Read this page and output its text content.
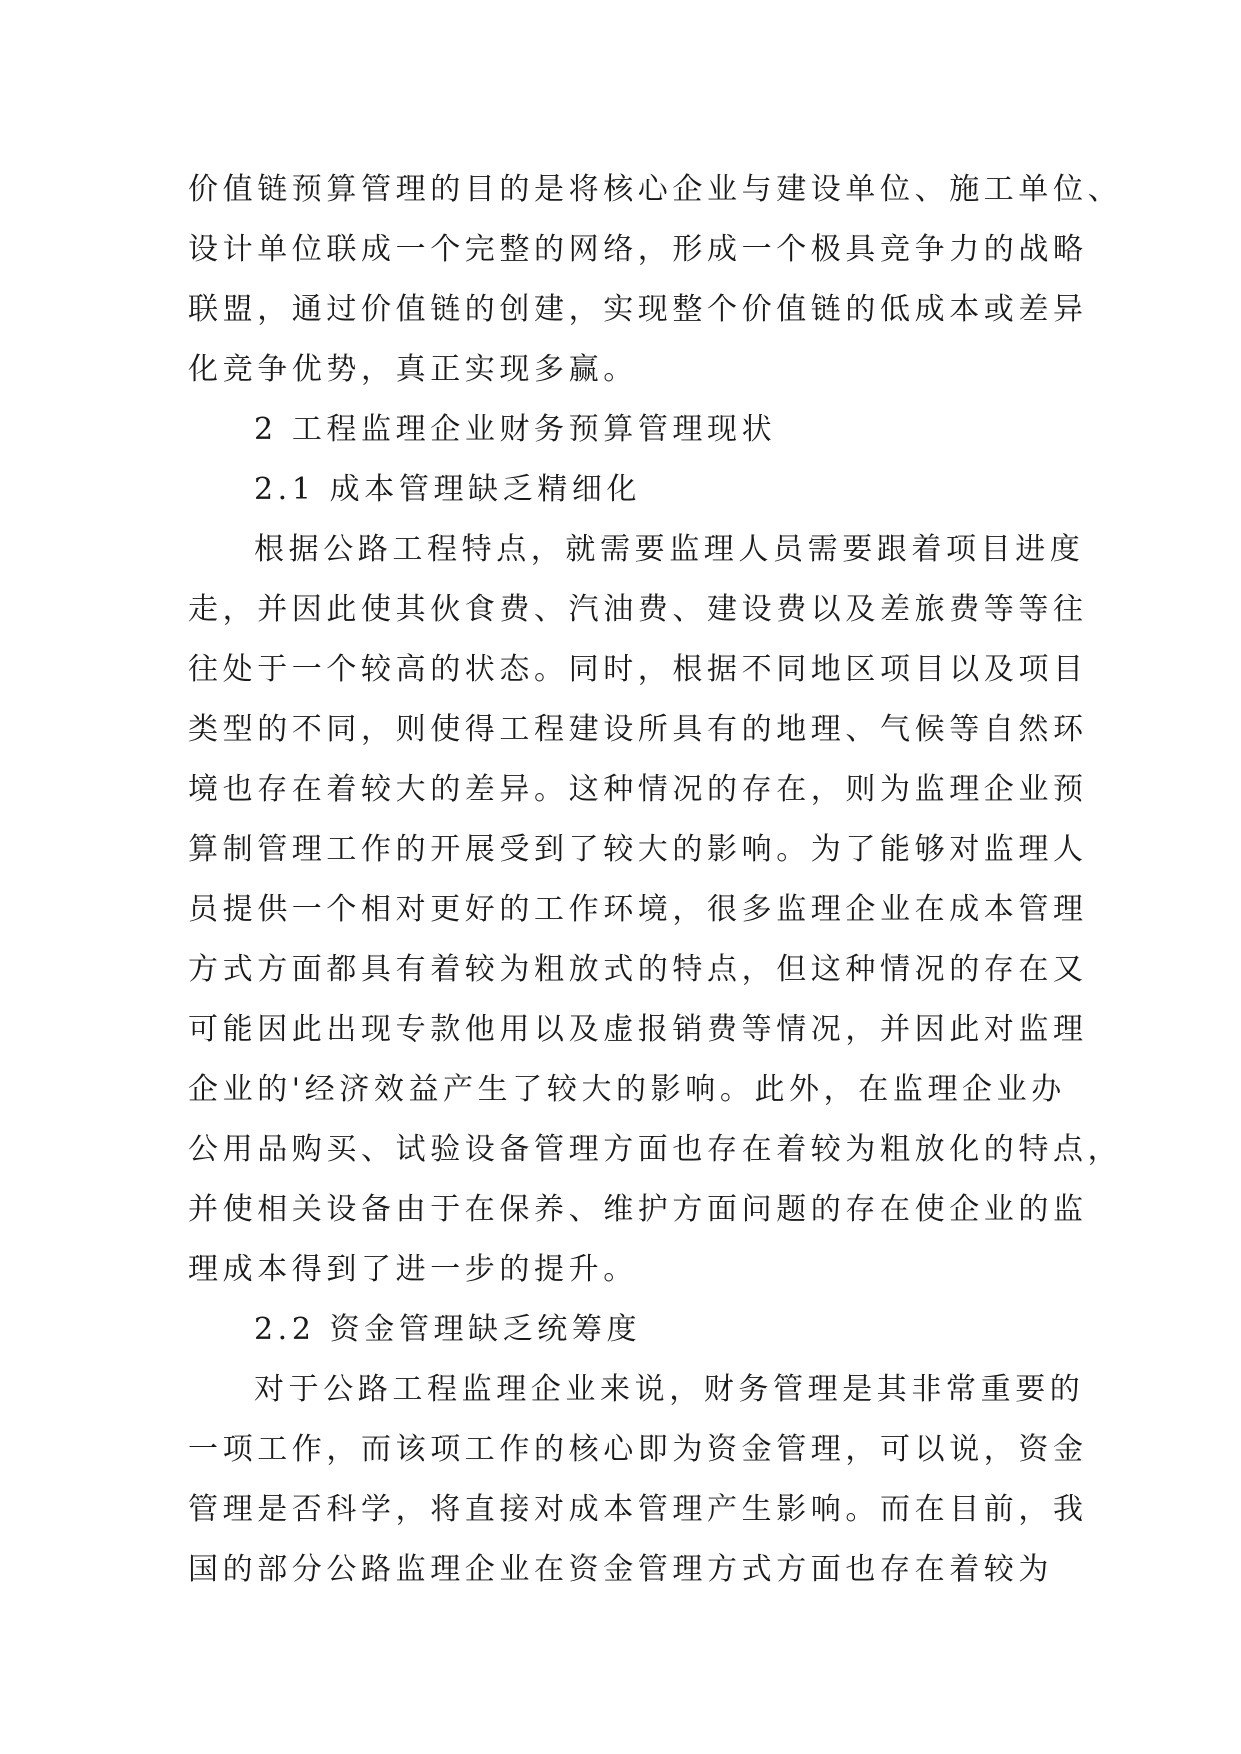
价值链预算管理的目的是将核心企业与建设单位、施工单位、
设计单位联成一个完整的网络，形成一个极具竞争力的战略
联盟，通过价值链的创建，实现整个价值链的低成本或差异
化竞争优势，真正实现多赢。
2 工程监理企业财务预算管理现状
2.1 成本管理缺乏精细化
根据公路工程特点，就需要监理人员需要跟着项目进度
走，并因此使其伙食费、汽油费、建设费以及差旅费等等往
往处于一个较高的状态。同时，根据不同地区项目以及项目
类型的不同，则使得工程建设所具有的地理、气候等自然环
境也存在着较大的差异。这种情况的存在，则为监理企业预
算制管理工作的开展受到了较大的影响。为了能够对监理人
员提供一个相对更好的工作环境，很多监理企业在成本管理
方式方面都具有着较为粗放式的特点，但这种情况的存在又
可能因此出现专款他用以及虚报销费等情况，并因此对监理
企业的'经济效益产生了较大的影响。此外，在监理企业办
公用品购买、试验设备管理方面也存在着较为粗放化的特点，
并使相关设备由于在保养、维护方面问题的存在使企业的监
理成本得到了进一步的提升。
2.2 资金管理缺乏统筹度
对于公路工程监理企业来说，财务管理是其非常重要的
一项工作，而该项工作的核心即为资金管理，可以说，资金
管理是否科学，将直接对成本管理产生影响。而在目前，我
国的部分公路监理企业在资金管理方式方面也存在着较为
